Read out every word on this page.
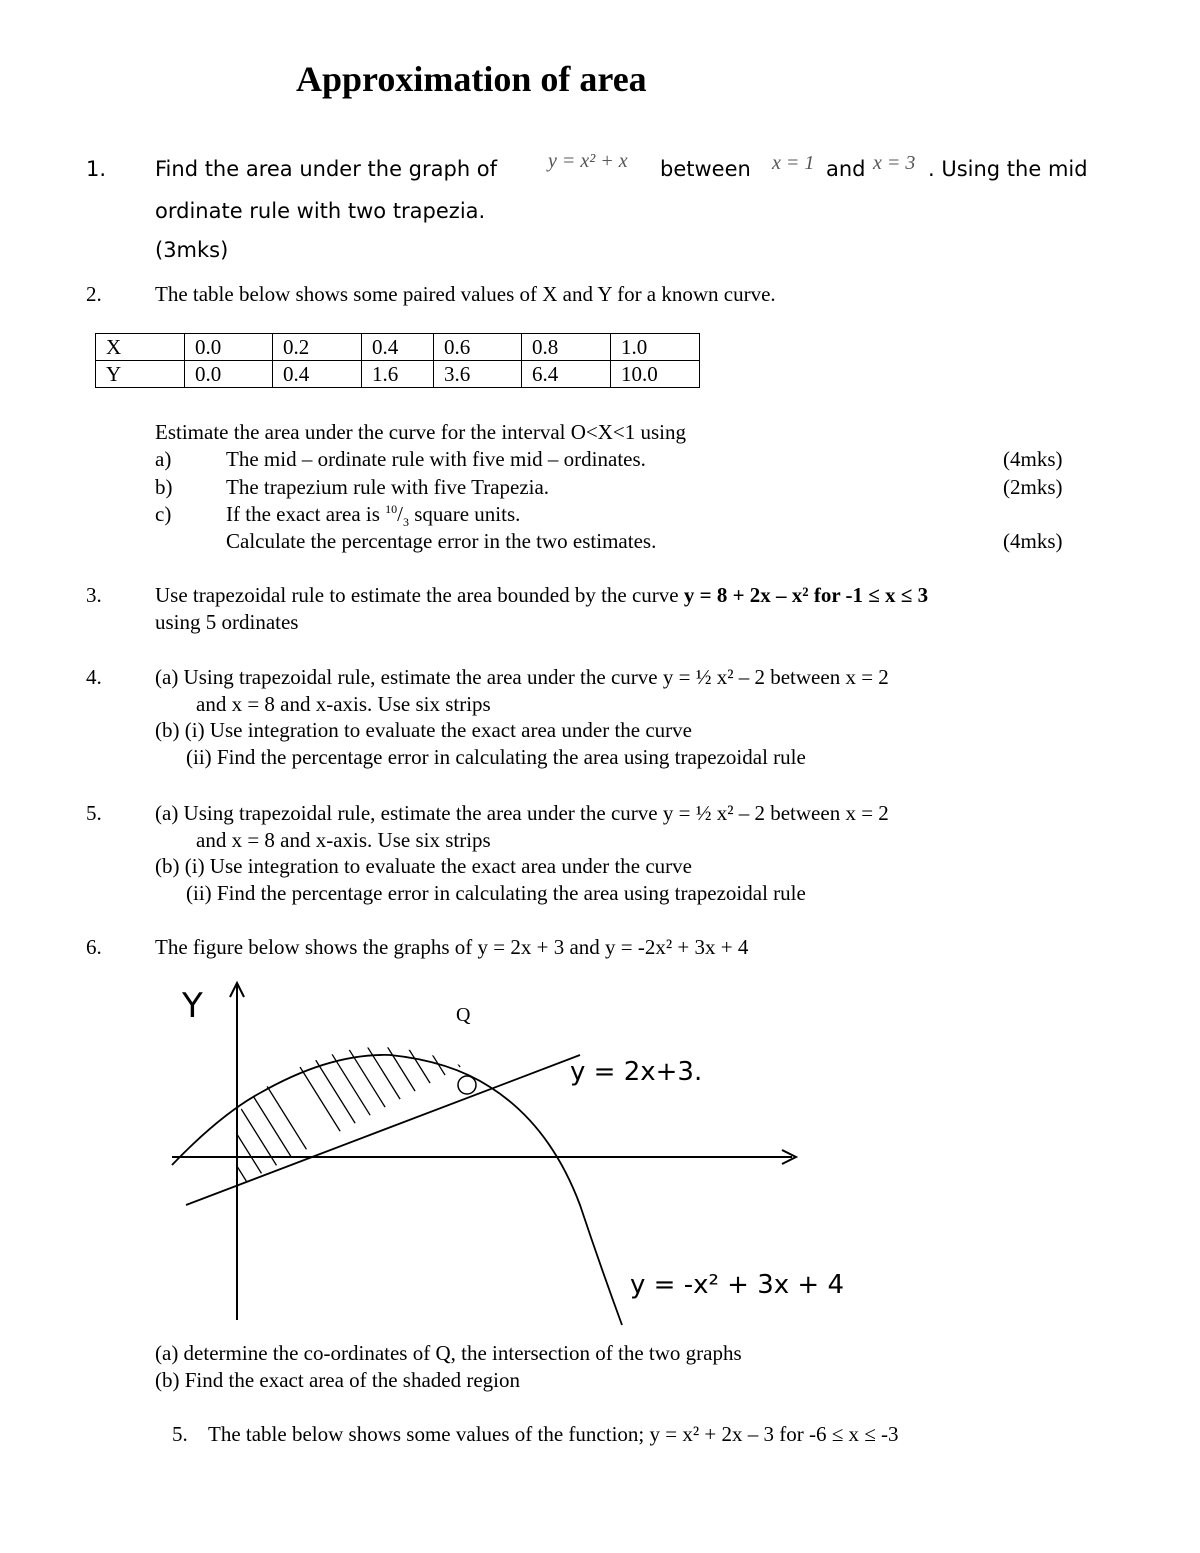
Approximation of area
1. Find the area under the graph of	y = x² + x between x = 1 and x = 3 . Using the mid
ordinate rule with two trapezia.
(3mks)
2.	The table below shows some paired values of X and Y for a known curve.
X	0.0	0.2	0.4	0.6	0.8	1.0
Y	0.0	0.4	1.6	3.6	6.4	10.0
Estimate the area under the curve for the interval O<X<1 using
a)	The mid – ordinate rule with five mid – ordinates.	(4mks)
b)	The trapezium rule with five Trapezia.	(2mks)
c)	If the exact area is $^{10}/_3$ square units.
Calculate the percentage error in the two estimates.	(4mks)
3.	Use trapezoidal rule to estimate the area bounded by the curve y = 8 + 2x – x² for -1 ≤ x ≤ 3
using 5 ordinates
4.	(a) Using trapezoidal rule, estimate the area under the curve y = ½ x² – 2 between x = 2
and x = 8 and x-axis. Use six strips
(b) (i) Use integration to evaluate the exact area under the curve
(ii) Find the percentage error in calculating the area using trapezoidal rule
5.	(a) Using trapezoidal rule, estimate the area under the curve y = ½ x² – 2 between x = 2
and x = 8 and x-axis. Use six strips
(b) (i) Use integration to evaluate the exact area under the curve
(ii) Find the percentage error in calculating the area using trapezoidal rule
6.	The figure below shows the graphs of y = 2x + 3 and y = -2x² + 3x + 4
Y	Q
y = 2x+3.
y = -x² + 3x + 4
(a) determine the co-ordinates of Q, the intersection of the two graphs
(b) Find the exact area of the shaded region
5. The table below shows some values of the function; y = x² + 2x – 3 for -6 ≤ x ≤ -3
